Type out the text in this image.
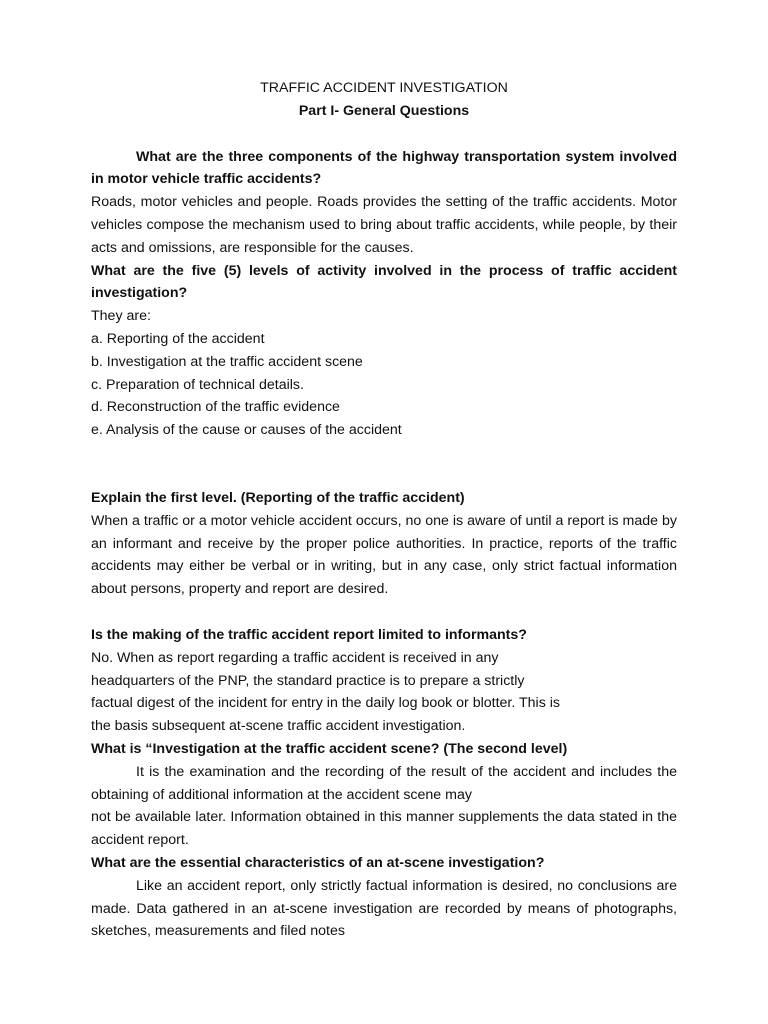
TRAFFIC ACCIDENT INVESTIGATION

Part I- General Questions

What are the three components of the highway transportation system involved in motor vehicle traffic accidents?

Roads, motor vehicles and people. Roads provides the setting of the traffic accidents. Motor vehicles compose the mechanism used to bring about traffic accidents, while people, by their acts and omissions, are responsible for the causes.

What are the five (5) levels of activity involved in the process of traffic accident investigation?

They are:

a. Reporting of the accident
b. Investigation at the traffic accident scene
c. Preparation of technical details.
d. Reconstruction of the traffic evidence
e. Analysis of the cause or causes of the accident

Explain the first level. (Reporting of the traffic accident)

When a traffic or a motor vehicle accident occurs, no one is aware of until a report is made by an informant and receive by the proper police authorities. In practice, reports of the traffic accidents may either be verbal or in writing, but in any case, only strict factual information about persons, property and report are desired.

Is the making of the traffic accident report limited to informants?

No. When as report regarding a traffic accident is received in any
headquarters of the PNP, the standard practice is to prepare a strictly
factual digest of the incident for entry in the daily log book or blotter. This is
the basis subsequent at-scene traffic accident investigation.

What is “Investigation at the traffic accident scene? (The second level)

It is the examination and the recording of the result of the accident and includes the obtaining of additional information at the accident scene may

not be available later. Information obtained in this manner supplements the data stated in the accident report.

What are the essential characteristics of an at-scene investigation?

Like an accident report, only strictly factual information is desired, no conclusions are made. Data gathered in an at-scene investigation are recorded by means of photographs, sketches, measurements and filed notes
